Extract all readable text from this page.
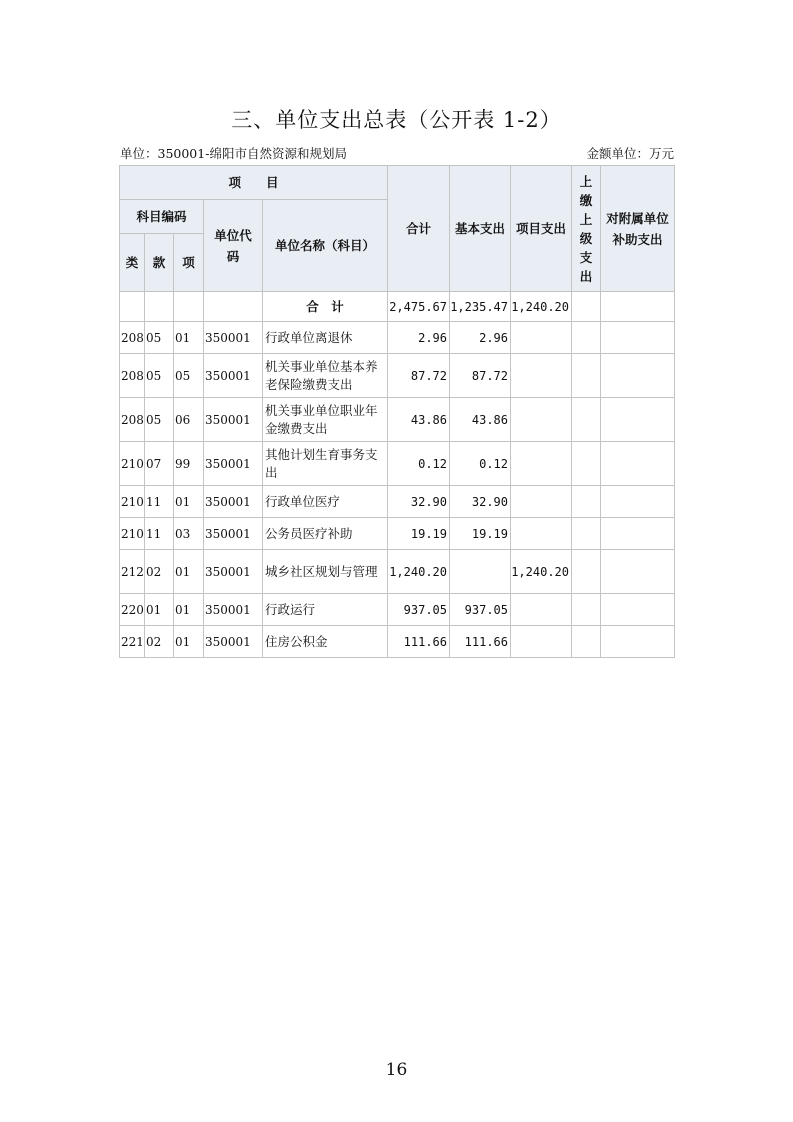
三、单位支出总表（公开表 1-2）
单位：350001-绵阳市自然资源和规划局	金额单位：万元
项　　目					合计	基本支出	项目支出	上缴上级支出	对附属单位补助支出
科目编码			单位代码	单位名称（科目）					
类	款	项							
				合　计	2,475.67	1,235.47	1,240.20		
208	05	01	350001	行政单位离退休	2.96	2.96			
208	05	05	350001	机关事业单位基本养老保险缴费支出	87.72	87.72			
208	05	06	350001	机关事业单位职业年金缴费支出	43.86	43.86			
210	07	99	350001	其他计划生育事务支出	0.12	0.12			
210	11	01	350001	行政单位医疗	32.90	32.90			
210	11	03	350001	公务员医疗补助	19.19	19.19			
212	02	01	350001	城乡社区规划与管理	1,240.20		1,240.20		
220	01	01	350001	行政运行	937.05	937.05			
221	02	01	350001	住房公积金	111.66	111.66			
16
